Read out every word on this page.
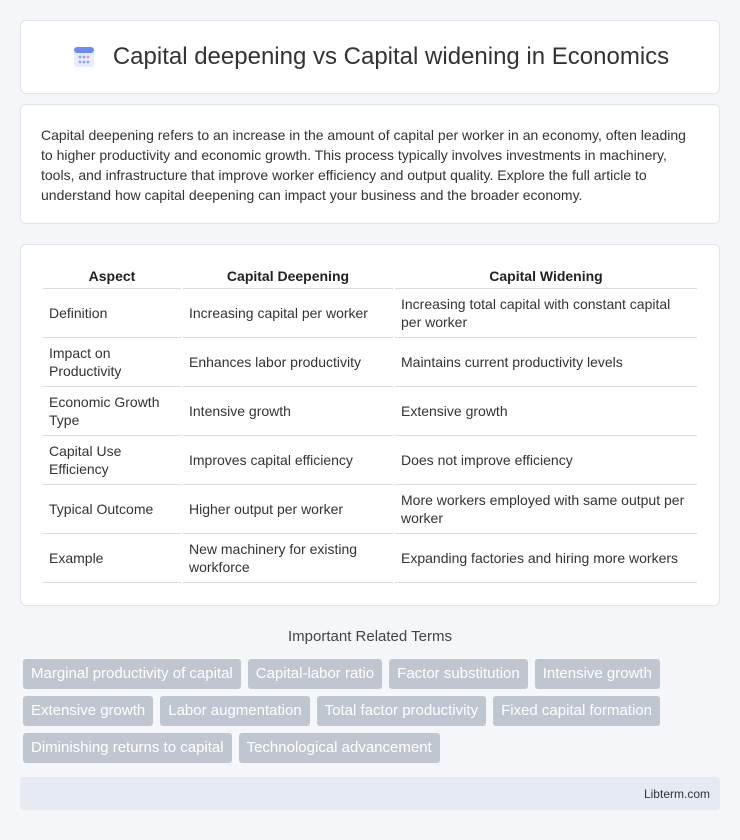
Capital deepening vs Capital widening in Economics

Capital deepening refers to an increase in the amount of capital per worker in an economy, often leading to higher productivity and economic growth. This process typically involves investments in machinery, tools, and infrastructure that improve worker efficiency and output quality. Explore the full article to understand how capital deepening can impact your business and the broader economy.

Aspect	Capital Deepening	Capital Widening
Definition	Increasing capital per worker	Increasing total capital with constant capital per worker
Impact on Productivity	Enhances labor productivity	Maintains current productivity levels
Economic Growth Type	Intensive growth	Extensive growth
Capital Use Efficiency	Improves capital efficiency	Does not improve efficiency
Typical Outcome	Higher output per worker	More workers employed with same output per worker
Example	New machinery for existing workforce	Expanding factories and hiring more workers
Important Related Terms
Marginal productivity of capital	Capital-labor ratio	Factor substitution	Intensive growth
Extensive growth	Labor augmentation	Total factor productivity	Fixed capital formation
Diminishing returns to capital	Technological advancement
Libterm.com
